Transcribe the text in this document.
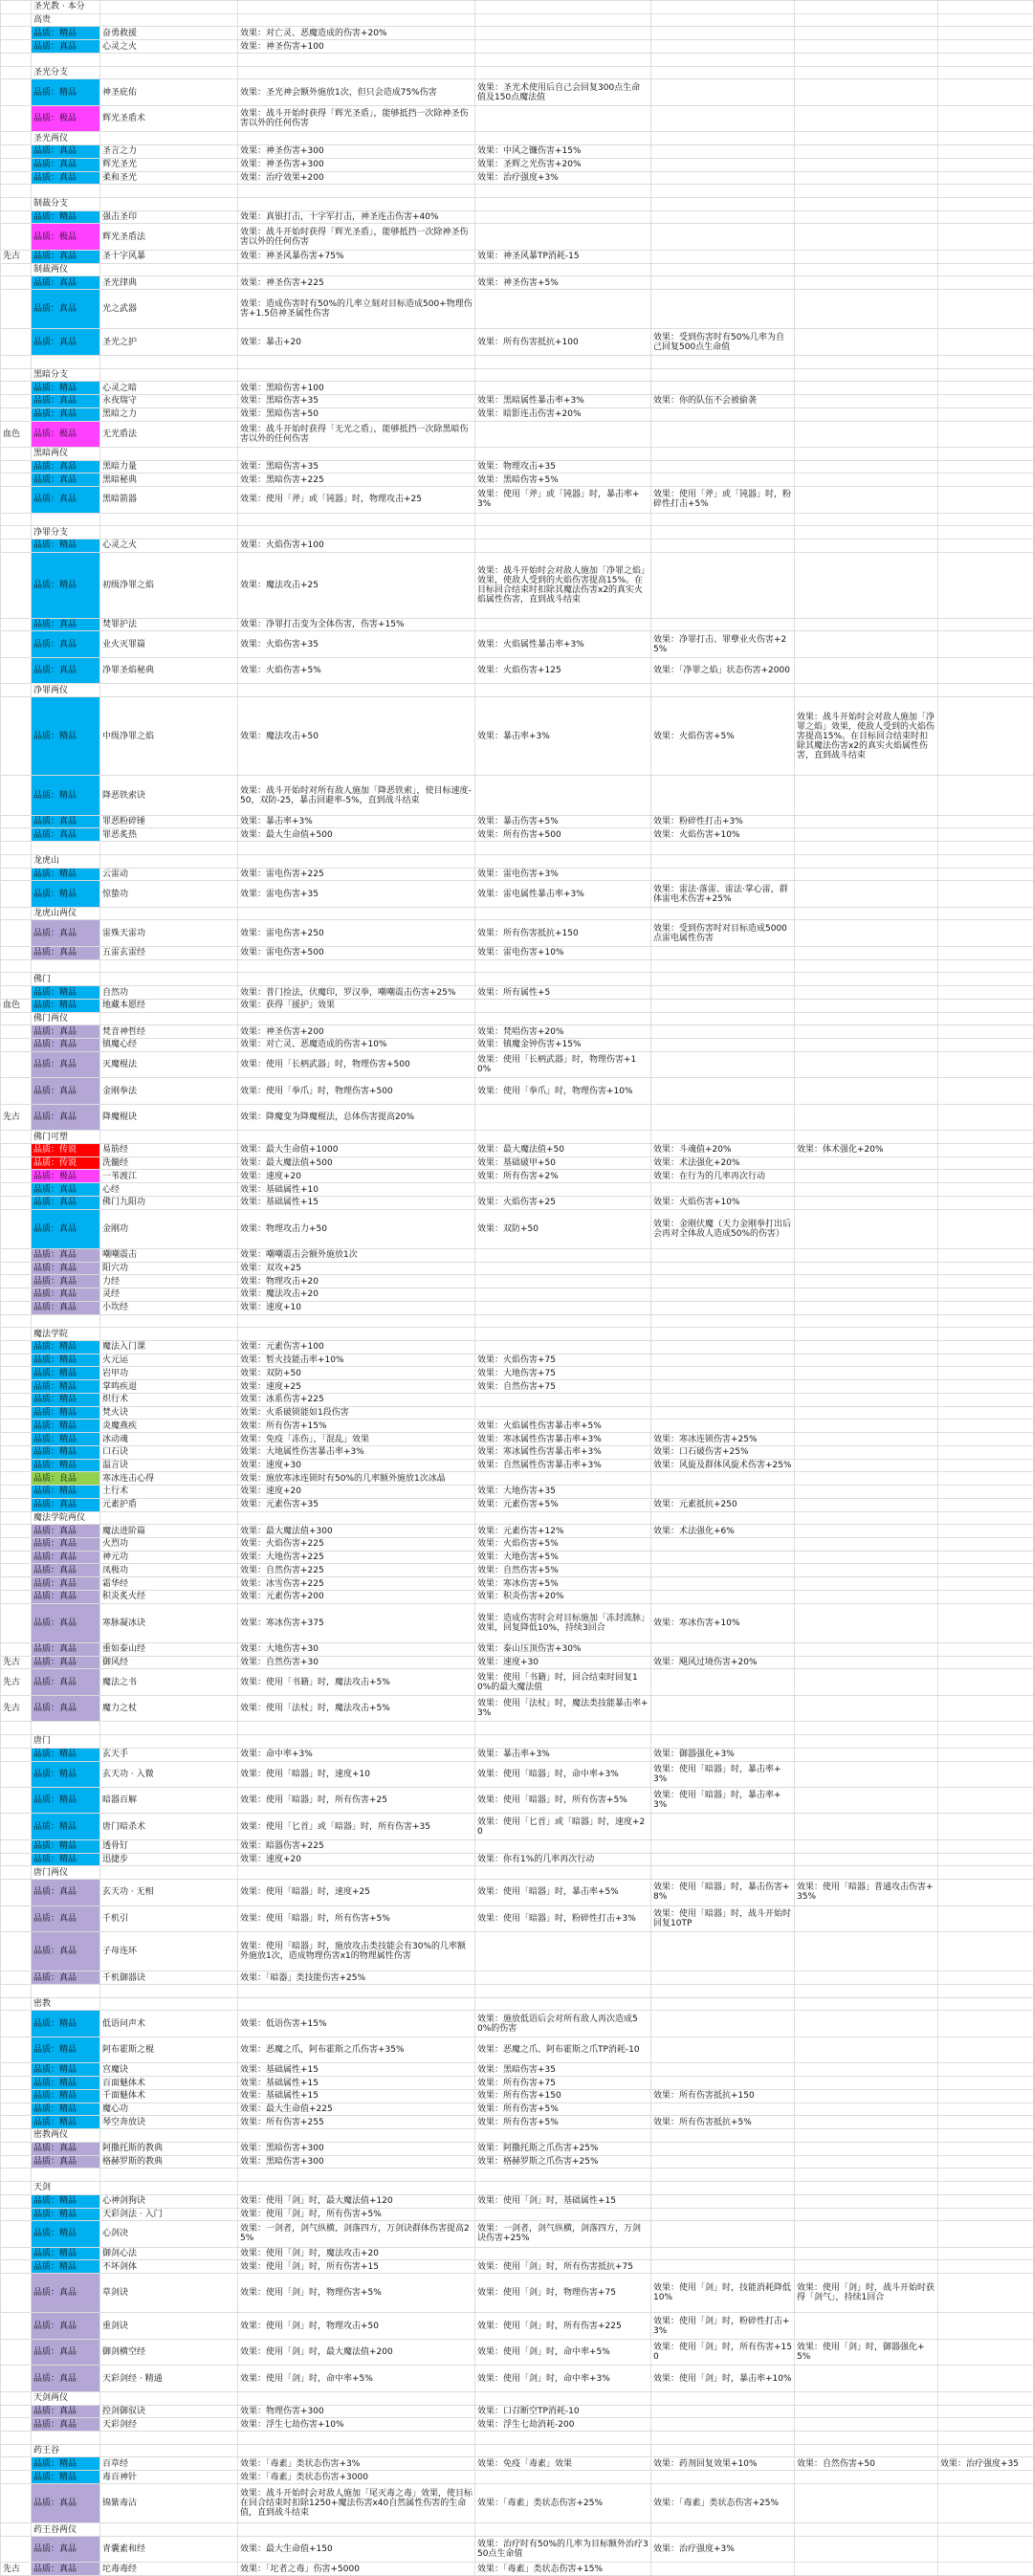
	圣光教 · 本分						
	高贵						
	品质：精品	奋勇救援	效果：对亡灵、恶魔造成的伤害+20%				
	品质：真品	心灵之火	效果：神圣伤害+100				

	圣光分支						
	品质：精品	神圣庇佑	效果：圣光神会额外施放1次，但只会造成75%伤害	效果：圣光术使用后自己会回复300点生命值及150点魔法值			
	品质：极品	辉光圣盾术	效果：战斗开始时获得「辉光圣盾」，能够抵挡一次除神圣伤害以外的任何伤害				
	圣光两仪						
	品质：真品	圣言之力	效果：神圣伤害+300	效果：中风之镰伤害+15%			
	品质：真品	辉光圣光	效果：神圣伤害+300	效果：圣辉之光伤害+20%			
	品质：真品	柔和圣光	效果：治疗效果+200	效果：治疗强度+3%			

	制裁分支						
	品质：精品	强击圣印	效果：真银打击，十字军打击，神圣连击伤害+40%				
	品质：极品	辉光圣盾法	效果：战斗开始时获得「辉光圣盾」，能够抵挡一次除神圣伤害以外的任何伤害				
先古	品质：真品	圣十字风暴	效果：神圣风暴伤害+75%	效果：神圣风暴TP消耗-15			
	制裁两仪						
	品质：真品	圣光律典	效果：神圣伤害+225	效果：神圣伤害+5%			
	品质：真品	光之武器	效果：造成伤害时有50%的几率立刻对目标造成500+物理伤害+1.5倍神圣属性伤害				
	品质：真品	圣光之护	效果：暴击+20	效果：所有伤害抵抗+100	效果：受到伤害时有50%几率为自己回复500点生命值		

	黑暗分支						
	品质：精品	心灵之暗	效果：黑暗伤害+100				
	品质：真品	永夜瑞守	效果：黑暗伤害+35	效果：黑暗属性暴击率+3%	效果：你的队伍不会被偷袭		
	品质：真品	黑暗之力	效果：黑暗伤害+50	效果：暗影连击伤害+20%			
血色	品质：极品	无光盾法	效果：战斗开始时获得「无光之盾」，能够抵挡一次除黑暗伤害以外的任何伤害				
	黑暗两仪						
	品质：真品	黑暗力量	效果：黑暗伤害+35	效果：物理攻击+35			
	品质：真品	黑暗秘典	效果：黑暗伤害+225	效果：黑暗伤害+5%			
	品质：真品	黑暗箭器	效果：使用「斧」或「钝器」时，物理攻击+25	效果：使用「斧」或「钝器」时，暴击率+3%	效果：使用「斧」或「钝器」时，粉碎性打击+5%		

	净罪分支						
	品质：精品	心灵之火	效果：火焰伤害+100				
	品质：精品	初级净罪之焰	效果：魔法攻击+25	效果：战斗开始时会对敌人施加「净罪之焰」效果，使敌人受到的火焰伤害提高15%。在目标回合结束时扣除其魔法伤害x2的真实火焰属性伤害，直到战斗结束			
	品质：真品	焚罪护法	效果：净罪打击变为全体伤害，伤害+15%				
	品质：真品	业火灭罪篇	效果：火焰伤害+35	效果：火焰属性暴击率+3%	效果：净罪打击、罪孽业火伤害+25%		
	品质：真品	净罪圣焰秘典	效果：火焰伤害+5%	效果：火焰伤害+125	效果：「净罪之焰」状态伤害+2000		
	净罪两仪						
	品质：精品	中级净罪之焰	效果：魔法攻击+50	效果：暴击率+3%	效果：火焰伤害+5%	效果：战斗开始时会对敌人施加「净罪之焰」效果，使敌人受到的火焰伤害提高15%。在目标回合结束时扣除其魔法伤害x2的真实火焰属性伤害，直到战斗结束	
	品质：精品	降恶铁索诀	效果：战斗开始时对所有敌人施加「降恶铁索」，使目标速度-50，双防-25，暴击回避率-5%，直到战斗结束				
	品质：真品	罪恶粉碎锤	效果：暴击率+3%	效果：暴击伤害+5%	效果：粉碎性打击+3%		
	品质：真品	罪恶炙热	效果：最大生命值+500	效果：所有伤害+500	效果：火焰伤害+10%		

	龙虎山						
	品质：精品	云雷动	效果：雷电伤害+225	效果：雷电伤害+3%			
	品质：精品	惊蛰功	效果：雷电伤害+35	效果：雷电属性暴击率+3%	效果：雷法·落雷、雷法·掌心雷，群体雷电术伤害+25%		
	龙虎山两仪						
	品质：真品	雷殊天雷功	效果：雷电伤害+250	效果：所有伤害抵抗+150	效果：受到伤害时对目标造成5000点雷电属性伤害		
	品质：真品	五雷玄雷经	效果：雷电伤害+500	效果：雷电伤害+10%			

	佛门						
	品质：精品	自然功	效果：普门捡法，伏魔印，罗汉拳，嘲嘲震击伤害+25%	效果：所有属性+5			
血色	品质：精品	地藏本愿经	效果：获得「援护」效果				
	佛门两仪						
	品质：真品	梵音神哲经	效果：神圣伤害+200	效果：梵唱伤害+20%			
	品质：真品	镇魔心经	效果：对亡灵、恶魔造成的伤害+10%	效果：镇魔金钟伤害+15%			
	品质：真品	灭魔棍法	效果：使用「长柄武器」时，物理伤害+500	效果：使用「长柄武器」时，物理伤害+10%			
	品质：真品	金刚拳法	效果：使用「拳爪」时，物理伤害+500	效果：使用「拳爪」时，物理伤害+10%			
先古	品质：真品	降魔棍诀	效果：降魔变为降魔棍法，总体伤害提高20%				
	佛门可塑						
	品质：传说	易筋经	效果：最大生命值+1000	效果：最大魔法值+50	效果：斗魂值+20%	效果：体术强化+20%	
	品质：传说	洗髓经	效果：最大魔法值+500	效果：基础破甲+50	效果：术法强化+20%		
	品质：极品	一苇渡江	效果：速度+20	效果：所有伤害+2%	效果：在行为的几率再次行动		
	品质：真品	心经	效果：基础属性+10				
	品质：真品	佛门九阳功	效果：基础属性+15	效果：火焰伤害+25	效果：火焰伤害+10%		
	品质：真品	金刚功	效果：物理攻击力+50	效果：双防+50	效果：金刚伏魔（天力金刚拳打出后会再对全体敌人造成50%的伤害）		
	品质：真品	嘲嘲震击	效果：嘲嘲震击会额外施放1次				
	品质：真品	阳穴功	效果：双攻+25				
	品质：真品	力经	效果：物理攻击+20				
	品质：真品	灵经	效果：魔法攻击+20				
	品质：真品	小坎经	效果：速度+10				

	魔法学院						
	品质：精品	魔法入门课	效果：元素伤害+100				
	品质：精品	火元运	效果：暂火技能击率+10%	效果：火焰伤害+75			
	品质：精品	岩甲功	效果：双防+50	效果：大地伤害+75			
	品质：精品	掌鸣疾退	效果：速度+25	效果：自然伤害+75			
	品质：精品	炽行术	效果：冰系伤害+225				
	品质：精品	梵火诀	效果：火系破锁能如1段伤害				
	品质：精品	炎魔燕疾	效果：所有伤害+15%	效果：火焰属性伤害暴击率+5%			
	品质：精品	冰动魂	效果：免疫「冻伤」，「混乱」效果	效果：寒冰属性伤害暴击率+3%	效果：寒冰连锁伤害+25%		
	品质：精品	口石诀	效果：大地属性伤害暴击率+3%	效果：寒冰属性伤害暴击率+3%	效果：口石破伤害+25%		
	品质：精品	温言诀	效果：速度+30	效果：自然属性伤害暴击率+3%	效果：风旋及群体风旋术伤害+25%		
	品质：良品	寒冰连击心得	效果：施放寒冰连锁时有50%的几率额外施放1次冰晶				
	品质：精品	土行术	效果：速度+20	效果：大地伤害+35			
	品质：真品	元素护盾	效果：元素伤害+35	效果：元素伤害+5%	效果：元素抵抗+250		
	魔法学院两仪						
	品质：真品	魔法进阶篇	效果：最大魔法值+300	效果：元素伤害+12%	效果：术法强化+6%		
	品质：真品	火烈功	效果：火焰伤害+225	效果：火焰伤害+5%			
	品质：真品	神元功	效果：大地伤害+225	效果：大地伤害+5%			
	品质：真品	凤极功	效果：自然伤害+225	效果：自然伤害+5%			
	品质：真品	霜华经	效果：冰雪伤害+225	效果：寒冰伤害+5%			
	品质：真品	积炎炙火经	效果：元素伤害+200	效果：积炎伤害+20%			
	品质：真品	寒脉凝冰诀	效果：寒冰伤害+375	效果：造成伤害时会对目标施加「冻封流脉」效果，回复降低10%，持续3回合	效果：寒冰伤害+10%		
	品质：真品	重如泰山经	效果：大地伤害+30	效果：泰山压顶伤害+30%			
先古	品质：真品	御风经	效果：自然伤害+30	效果：速度+30	效果：飓风过境伤害+20%		
先古	品质：真品	魔法之书	效果：使用「书籍」时，魔法攻击+5%	效果：使用「书籍」时，回合结束时回复10%的最大魔法值			
先古	品质：真品	魔力之杖	效果：使用「法杖」时，魔法攻击+5%	效果：使用「法杖」时，魔法类技能暴击率+3%			

	唐门						
	品质：精品	玄天手	效果：命中率+3%	效果：暴击率+3%	效果：御器强化+3%		
	品质：精品	玄天功 · 入微	效果：使用「暗器」时，速度+10	效果：使用「暗器」时，命中率+3%	效果：使用「暗器」时，暴击率+3%		
	品质：精品	暗器百解	效果：使用「暗器」时，所有伤害+25	效果：使用「暗器」时，所有伤害+5%	效果：使用「暗器」时，暴击率+3%		
	品质：精品	唐门暗杀术	效果：使用「匕首」或「暗器」时，所有伤害+35	效果：使用「匕首」或「暗器」时，速度+20			
	品质：精品	透骨钉	效果：暗器伤害+225				
	品质：精品	迅捷步	效果：速度+20	效果：你有1%的几率再次行动			
	唐门两仪						
	品质：真品	玄天功 · 无相	效果：使用「暗器」时，速度+25	效果：使用「暗器」时，暴击率+5%	效果：使用「暗器」时，暴击伤害+8%	效果：使用「暗器」普通攻击伤害+35%	
	品质：真品	千机引	效果：使用「暗器」时，所有伤害+5%	效果：使用「暗器」时，粉碎性打击+3%	效果：使用「暗器」时，战斗开始时回复10TP		
	品质：真品	子母连环	效果：使用「暗器」时，施放攻击类技能会有30%的几率额外施放1次，造成物理伤害x1的物理属性伤害				
	品质：真品	千机御器诀	效果：「暗器」类技能伤害+25%				

	密教						
	品质：精品	低语问声术	效果：低语伤害+15%	效果：施放低语后会对所有敌人再次造成50%的伤害			
	品质：精品	阿布霍斯之棍	效果：恶魔之爪，阿布霍斯之爪伤害+35%	效果：恶魔之爪、阿布霍斯之爪TP消耗-10			
	品质：精品	宫魔诀	效果：基础属性+15	效果：黑暗伤害+35			
	品质：精品	百面魅体术	效果：基础属性+15	效果：所有伤害+75			
	品质：精品	千面魅体术	效果：基础属性+15	效果：所有伤害+150	效果：所有伤害抵抗+150		
	品质：精品	魔心功	效果：最大生命值+225	效果：所有伤害+5%			
	品质：精品	琴空奔放诀	效果：所有伤害+255	效果：所有伤害+5%	效果：所有伤害抵抗+5%		
	密教两仪						
	品质：真品	阿撒托斯的教典	效果：黑暗伤害+300	效果：阿撒托斯之爪伤害+25%			
	品质：真品	格赫罗斯的教典	效果：黑暗伤害+300	效果：格赫罗斯之爪伤害+25%			

	天剑						
	品质：精品	心神剑狗诀	效果：使用「剑」时，最大魔法值+120	效果：使用「剑」时，基础属性+15			
	品质：精品	天彩剑法 · 入门	效果：使用「剑」时，所有伤害+5%				
	品质：精品	心剑决	效果：一剑者，剑气纵横，剑落四方，万剑诀群体伤害提高25%	效果：一剑者，剑气纵横，剑落四方，万剑诀伤害+25%			
	品质：精品	御剑心法	效果：使用「剑」时，魔法攻击+20				
	品质：精品	不坏剑体	效果：使用「剑」时，所有伤害+15	效果：使用「剑」时，所有伤害抵抗+75			
	品质：真品	草剑诀	效果：使用「剑」时，物理伤害+5%	效果：使用「剑」时，物理伤害+75	效果：使用「剑」时，技能消耗降低10%	效果：使用「剑」时，战斗开始时获得「剑气」，持续1回合	
	品质：真品	重剑诀	效果：使用「剑」时，物理攻击+50	效果：使用「剑」时，所有伤害+225	效果：使用「剑」时，粉碎性打击+3%		
	品质：真品	御剑横空经	效果：使用「剑」时，最大魔法值+200	效果：使用「剑」时，命中率+5%	效果：使用「剑」时，所有伤害+150	效果：使用「剑」时，御器强化+5%	
	品质：真品	天彩剑经 · 精通	效果：使用「剑」时，命中率+5%	效果：使用「剑」时，命中率+3%	效果：使用「剑」时，暴击率+10%		
	天剑两仪						
	品质：真品	控剑御驭诀	效果：物理伤害+300	效果：口召断空TP消耗-10			
	品质：真品	天彩剑经	效果：浮生七劫伤害+10%	效果：浮生七劫消耗-200			

	药王谷						
	品质：精品	百草经	效果：「毒素」类状态伤害+3%	效果：免疫「毒素」效果	效果：药剂回复效果+10%	效果：自然伤害+50	效果：治疗强度+35
	品质：精品	毒百神针	效果：「毒素」类状态伤害+3000				
	品质：真品	锦紫毒沾	效果：战斗开始时会对敌人施加「尾灭毒之毒」效果，使目标在回合结束时扣除1250+魔法伤害x40自然属性伤害的生命值，直到战斗结束	效果：「毒素」类状态伤害+25%	效果：「毒素」类状态伤害+25%		
	药王谷两仪						
	品质：真品	青囊素和经	效果：最大生命值+150	效果：治疗时有50%的几率为目标额外治疗350点生命值	效果：治疗强度+3%		
先古	品质：真品	坨毒毒经	效果：「坨者之毒」伤害+5000	效果：「毒素」类状态伤害+15%			
